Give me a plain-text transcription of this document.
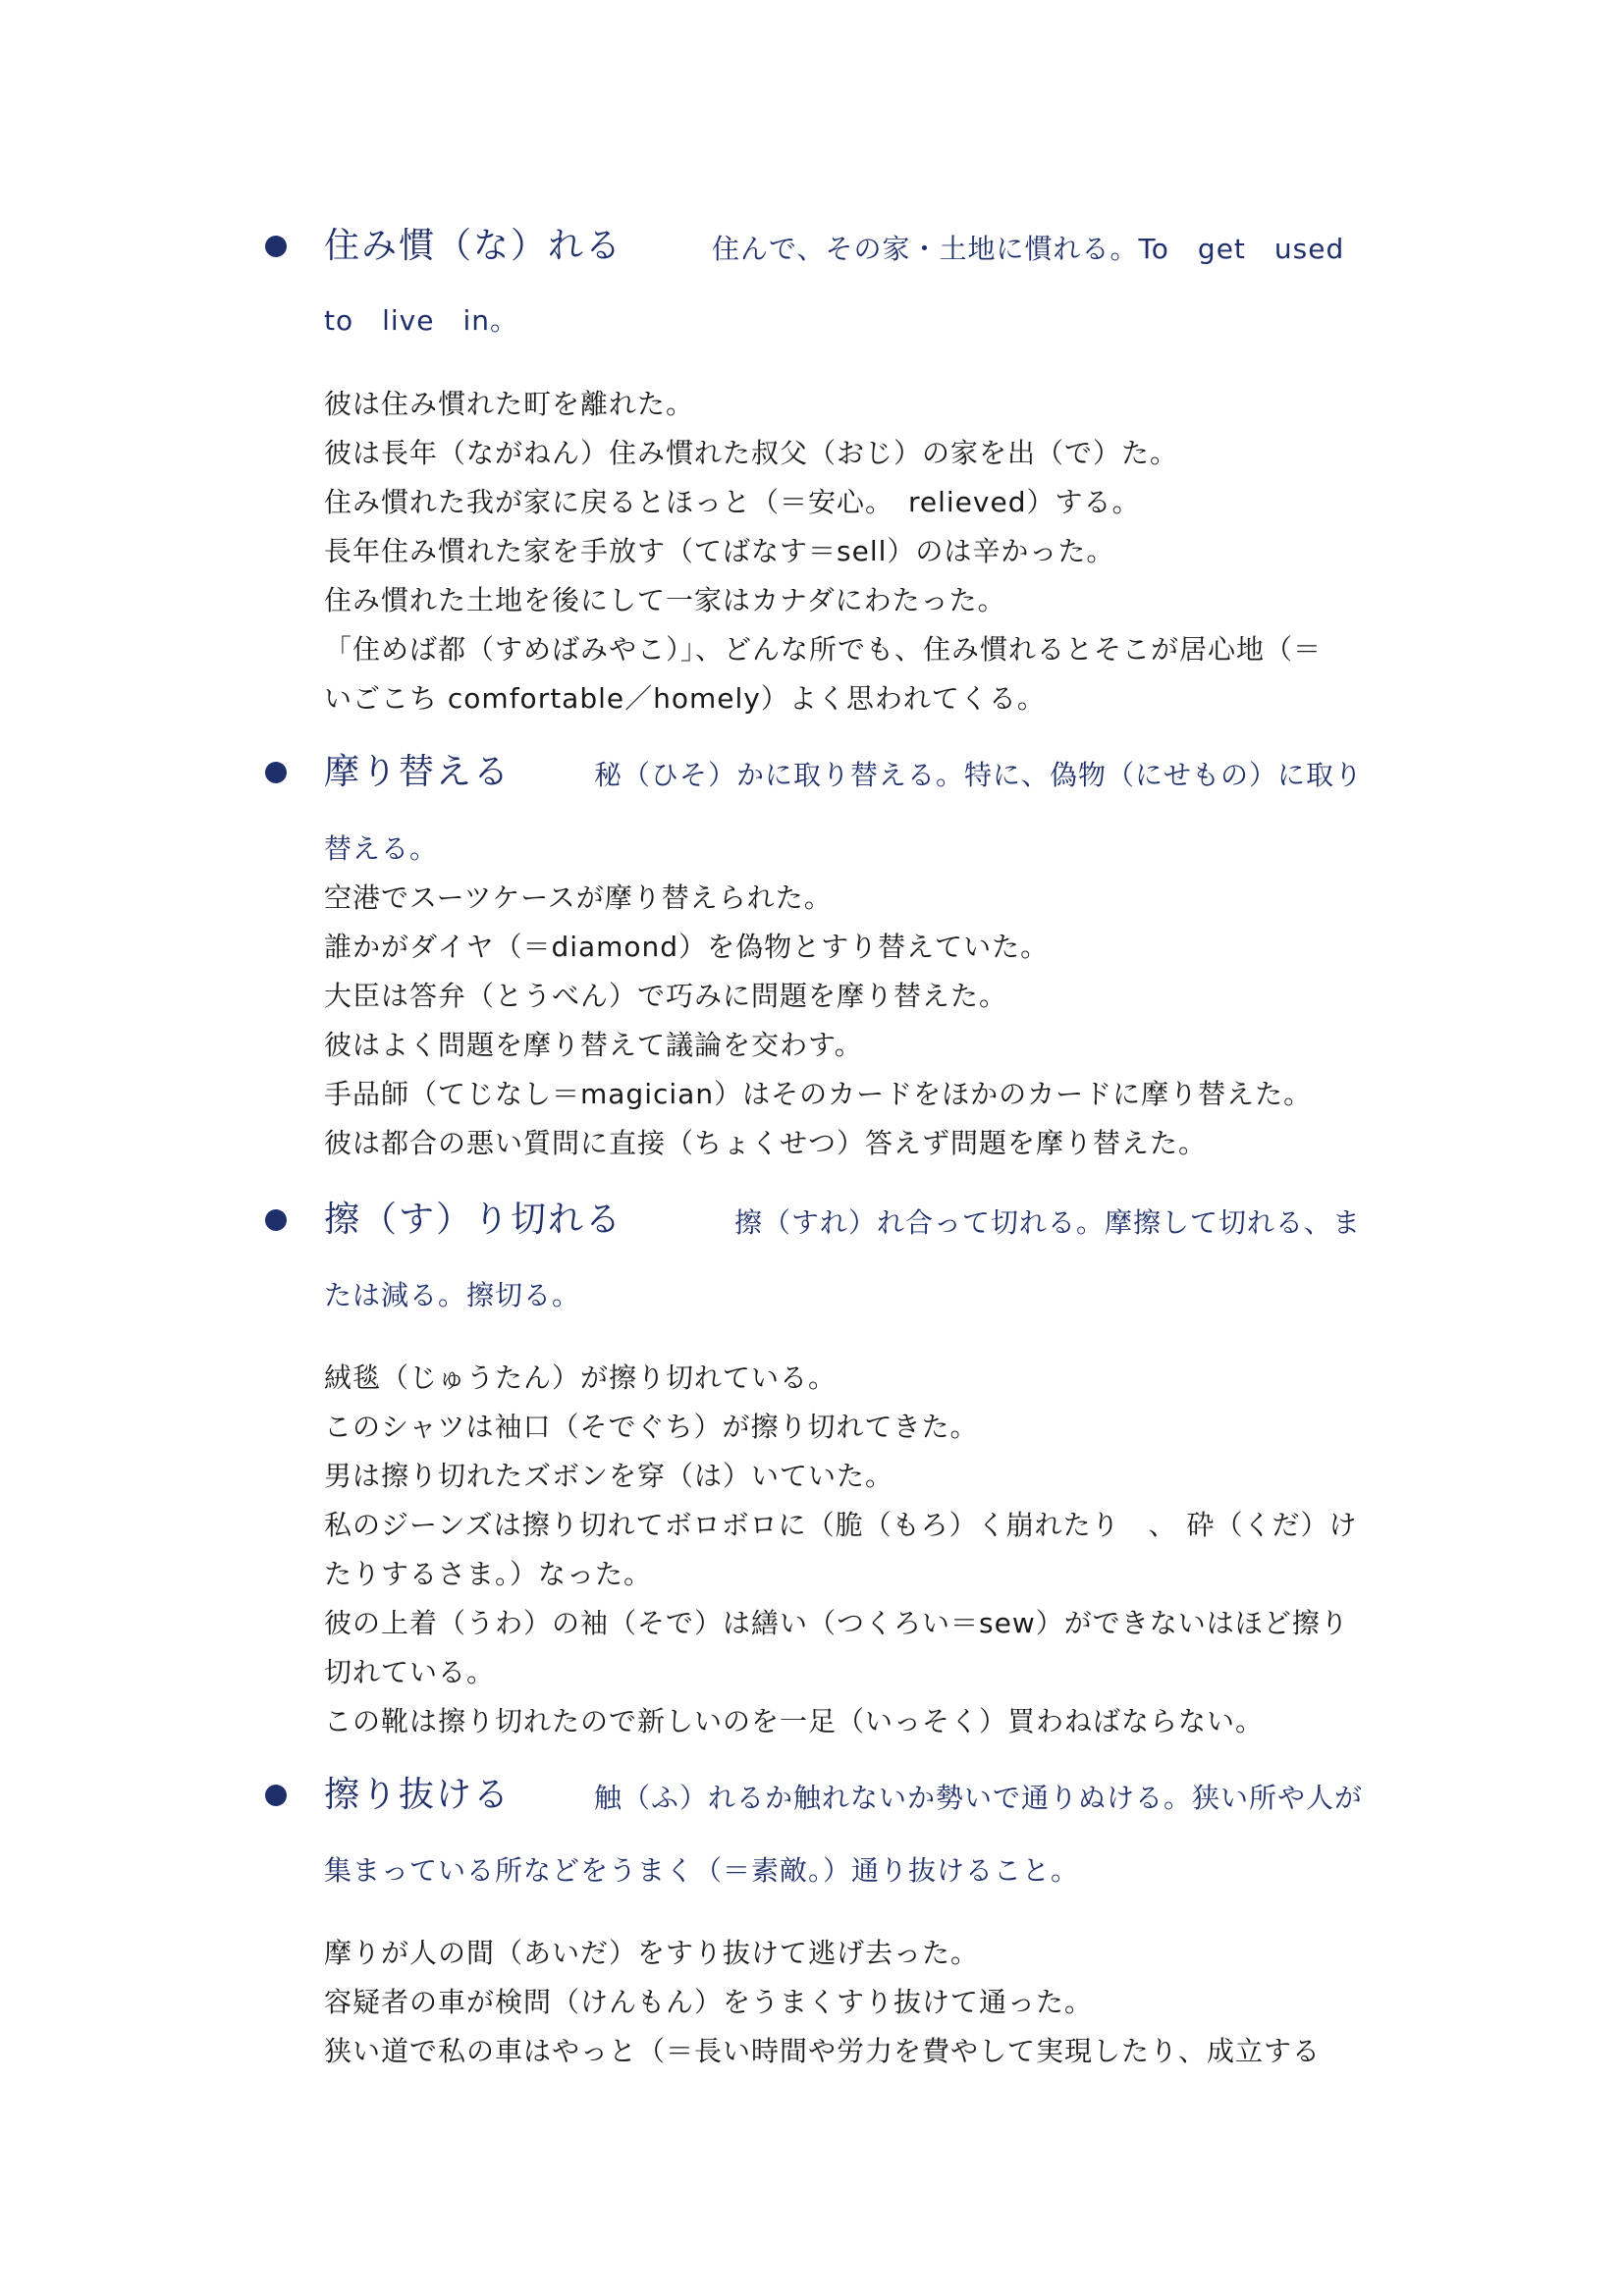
住み慣（な）れる	住んで、その家・土地に慣れる。To　get　used
to　live　in。
彼は住み慣れた町を離れた。
彼は長年（ながねん）住み慣れた叔父（おじ）の家を出（で）た。
住み慣れた我が家に戻るとほっと（＝安心。　relieved）する。
長年住み慣れた家を手放す（てばなす＝sell）のは辛かった。
住み慣れた土地を後にして一家はカナダにわたった。
「住めば都（すめばみやこ）」、どんな所でも、住み慣れるとそこが居心地（＝
いごこち comfortable／homely）よく思われてくる。
摩り替える	秘（ひそ）かに取り替える。特に、偽物（にせもの）に取り
替える。
空港でスーツケースが摩り替えられた。
誰かがダイヤ（＝diamond）を偽物とすり替えていた。
大臣は答弁（とうべん）で巧みに問題を摩り替えた。
彼はよく問題を摩り替えて議論を交わす。
手品師（てじなし＝magician）はそのカードをほかのカードに摩り替えた。
彼は都合の悪い質問に直接（ちょくせつ）答えず問題を摩り替えた。
擦（す）り切れる	擦（すれ）れ合って切れる。摩擦して切れる、ま
たは減る。擦切る。
絨毯（じゅうたん）が擦り切れている。
このシャツは袖口（そでぐち）が擦り切れてきた。
男は擦り切れたズボンを穿（は）いていた。
私のジーンズは擦り切れてボロボロに（脆（もろ）く崩れたり　、 砕（くだ）け
たりするさま。）なった。
彼の上着（うわ）の袖（そで）は繕い（つくろい＝sew）ができないはほど擦り
切れている。
この靴は擦り切れたので新しいのを一足（いっそく）買わねばならない。
擦り抜ける	触（ふ）れるか触れないか勢いで通りぬける。狭い所や人が
集まっている所などをうまく（＝素敵。）通り抜けること。
摩りが人の間（あいだ）をすり抜けて逃げ去った。
容疑者の車が検問（けんもん）をうまくすり抜けて通った。
狭い道で私の車はやっと（＝長い時間や労力を費やして実現したり、成立する
